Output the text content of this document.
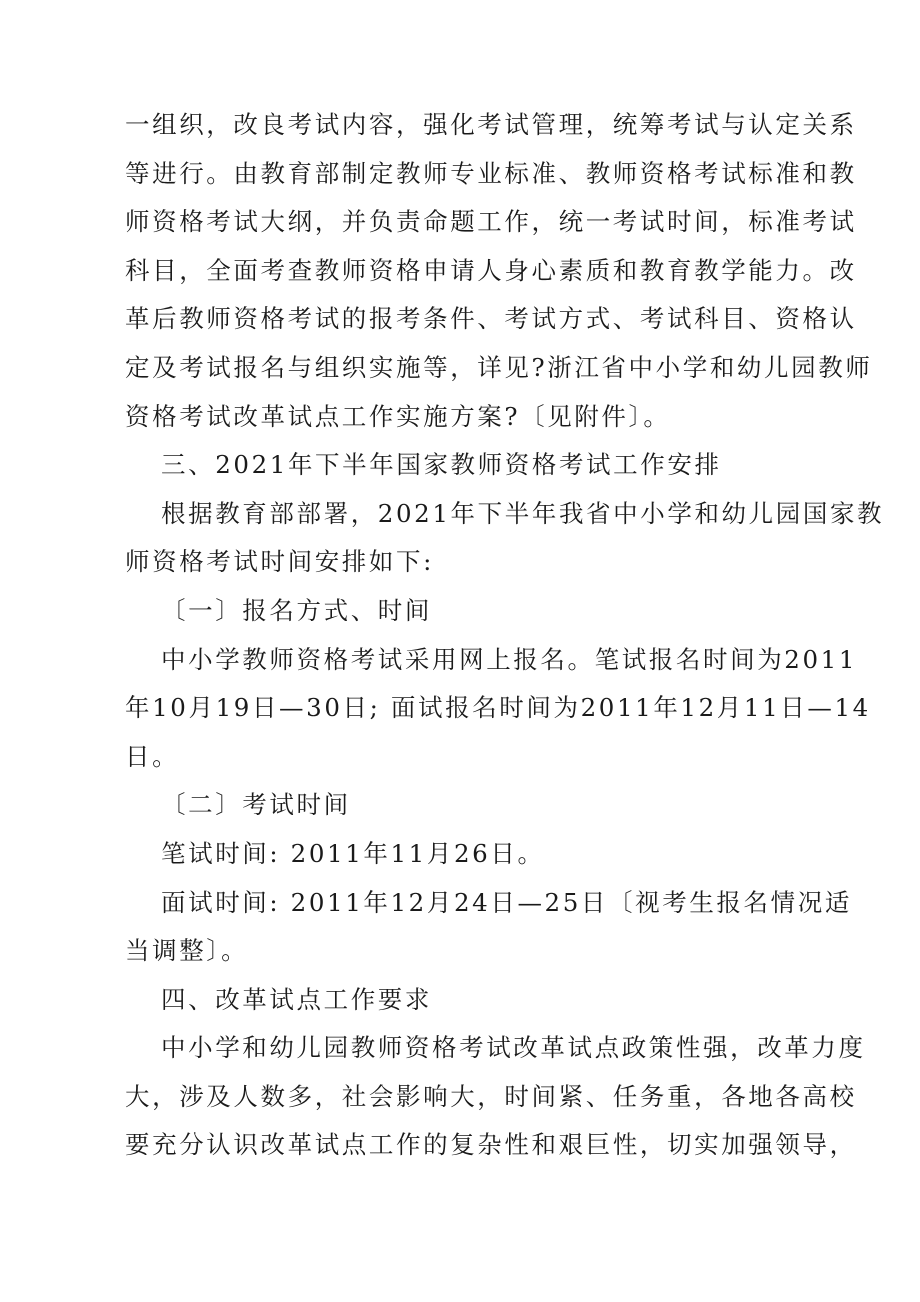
一组织，改良考试内容，强化考试管理，统筹考试与认定关系
等进行。由教育部制定教师专业标准、教师资格考试标准和教
师资格考试大纲，并负责命题工作，统一考试时间，标准考试
科目，全面考查教师资格申请人身心素质和教育教学能力。改
革后教师资格考试的报考条件、考试方式、考试科目、资格认
定及考试报名与组织实施等，详见?浙江省中小学和幼儿园教师
资格考试改革试点工作实施方案?〔见附件〕。
三、2021年下半年国家教师资格考试工作安排
根据教育部部署，2021年下半年我省中小学和幼儿园国家教
师资格考试时间安排如下:
〔一〕报名方式、时间
中小学教师资格考试采用网上报名。笔试报名时间为2011
年10月19日—30日; 面试报名时间为2011年12月11日—14
日。
〔二〕考试时间
笔试时间: 2011年11月26日。
面试时间: 2011年12月24日—25日〔视考生报名情况适
当调整〕。
四、改革试点工作要求
中小学和幼儿园教师资格考试改革试点政策性强，改革力度
大，涉及人数多，社会影响大，时间紧、任务重，各地各高校
要充分认识改革试点工作的复杂性和艰巨性，切实加强领导，
